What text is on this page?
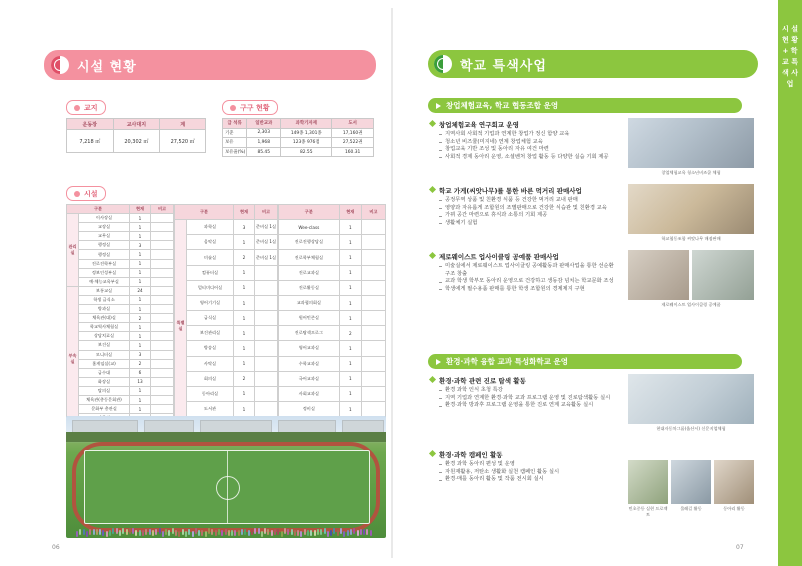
시설 현황
교지
운동장	교사대지	계
7,218 ㎡	20,302 ㎡	27,520 ㎡
구구 현황
급 석류	일반교과	과학기자재	도서
기준	2,303	149종 1,301종	17,160권
보유	1,968	123종 976점	27,522권
보유율(%)	85.45	82.55	160.31
시설
구분		현재	비고
관리실	이사장실	1	
	교장실	1	
	교무실	1	
	행정실	3	
	행정실	1	
	진로진학부실	1	
	정보인성부실	1	
	예·체능교육부실	1	
부속실	보통교실	24	
	학생 급식소	1	
	방과실	1	
	체육관(대)실	2	
	학교역사체험실	1	
	상담치료실	1	
	보건실	1	
	모니터실	3	
	홈게임실(교)	2	
	급수대	6	
	화장실	13	
	탈의실	1	
	체육관(총동문회관)	1	
	문화부 총관실	1	

구분		현재	비고
특별실	과학실	3	준비실 1실
	음악실	1	준비실 1실
	미술실	2	준비실 1실
	컴퓨터실	1	
	멀티미디어실	1	
	영어기기실	1	
	급식실	1	
	보건관리실	1	
	방송실	1	
	사탁실	1	
	회의실	2	
	동아리실	1	
	도서관	1	

구분	현재	비고
Wee-class	1	
진로진행상담실	1	
진로학부체험실	1	
진로교과실	1	
진로활동실	1	
교과협의회실	1	
원어민존실	1	
진로탐색프로그	2	
영어교과실	1	
수학교과실	1	
국어교과실	1	
사회교과실	1	
정비실	1	

06
학교 특색사업
창업체험교육, 학교 협동조합 운영
창업체험교육 연구회교 운영
지역사회 사회적 기업과 연계한 창업가 정신 함양 교육
청소년 비즈쿨(미지네) 연계 창업체험 교육
창업교육 기반 조성 및 동아리 자유 여건 마련
사회적 경제 동아리 운영, 소셜벤처 창업 활동 등 다양한 실습 기회 제공
창업체험교육 청소년비즈쿨 체험
학교 가게(씨앗나무)를 통한 바른 먹거리 판매사업
공정무역 상품 및 친환경 식품 등 건강한 먹거리 교내 판매
영양과 자유롭게 조합원의 조별판매으로 건강한 식습관 및 친환경 교육
가﻿﻿꿔 공간 마련으로 휴식과 소통의 기회 제공
생활체기 실험
학교협동조합 씨앗나무 매점판매
제로웨이스트 업사이클링 공예품 판매사업
미술실에서 제로웨이스트 업사이클링 공예활동과 판매사업을 통한 선순환 구조 창출
교과 학생 학부모 동아리 운영으로 건강하고 생동감 넘치는 학교문화 조성
학생에게 필수용품 판매를 통한 학생 조합원의 경제제지 구현
제로웨이스트 업사이클링 공예품
환경·과학 융합 교과 특성화학교 운영
환경·과학 관련 진로 탐색 활동
환경 과학 인식 초청 특강
지역 기업과 연계한 환경·과학 교과 프로그램 운영 및 진로탐색활동 실시
환경·과학 방과후 프로그램 운영을 통한 진로 연계 교육활동 실시
현대자동차그룹(울산시) 신문지업체험
환경·과학 캠페인 활동
환경 과학 동아리 편성 및 운영
자원재활용, 저탄소 생활화 실천 캠페인 활동 실시
환경·매를 동아리 활동 및 작품 전시회 실시
민초중등 실현 프로젝트
물레길 활동	동아리 활동
07
시 설 현 황 + 학 교 특 색 사 업
